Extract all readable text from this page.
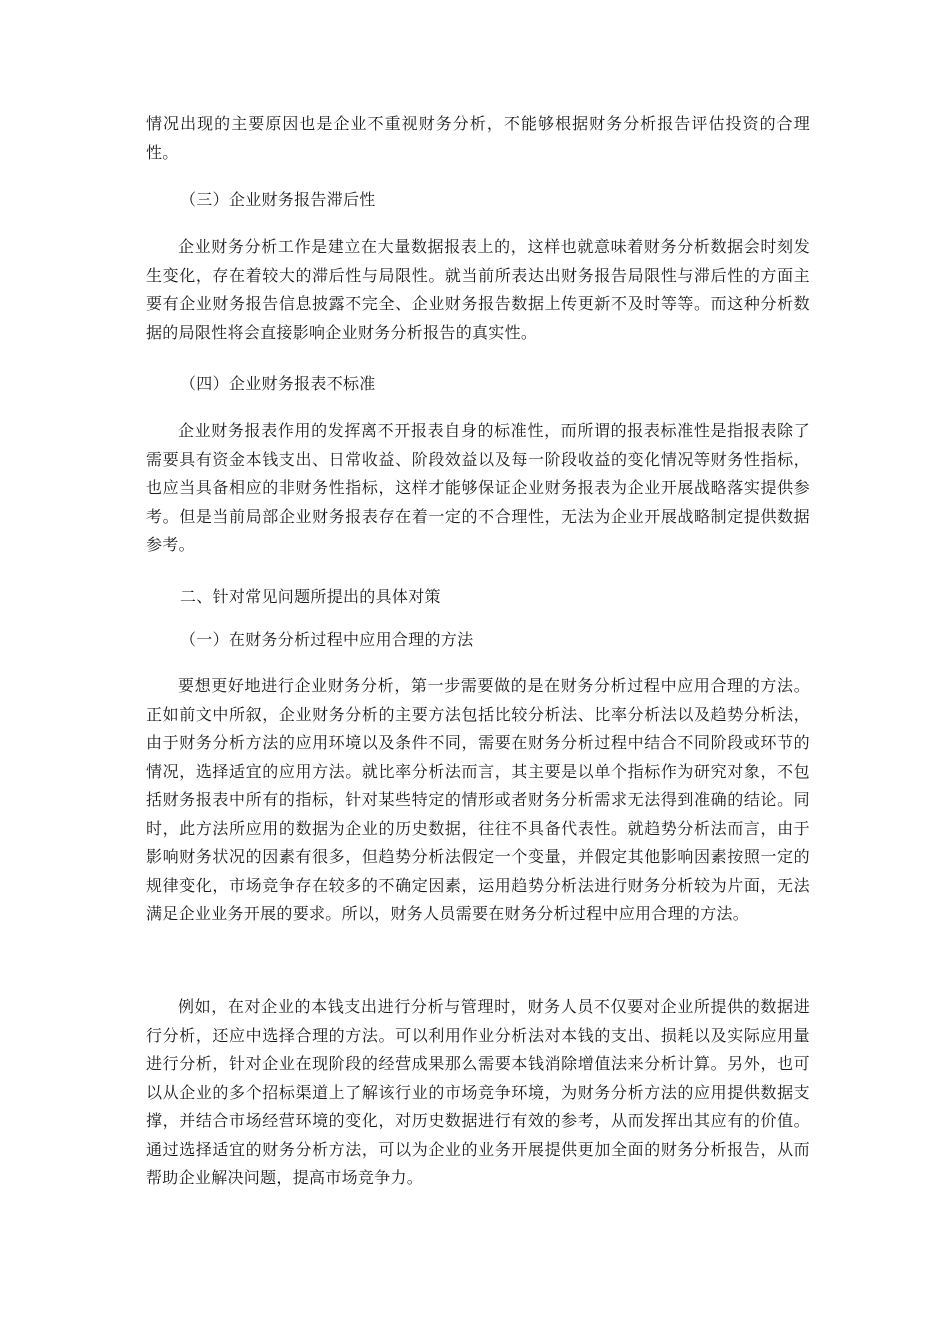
情况出现的主要原因也是企业不重视财务分析，不能够根据财务分析报告评估投资的合理性。

（三）企业财务报告滞后性

企业财务分析工作是建立在大量数据报表上的，这样也就意味着财务分析数据会时刻发生变化，存在着较大的滞后性与局限性。就当前所表达出财务报告局限性与滞后性的方面主要有企业财务报告信息披露不完全、企业财务报告数据上传更新不及时等等。而这种分析数据的局限性将会直接影响企业财务分析报告的真实性。

（四）企业财务报表不标准

企业财务报表作用的发挥离不开报表自身的标准性，而所谓的报表标准性是指报表除了需要具有资金本钱支出、日常收益、阶段效益以及每一阶段收益的变化情况等财务性指标，也应当具备相应的非财务性指标，这样才能够保证企业财务报表为企业开展战略落实提供参考。但是当前局部企业财务报表存在着一定的不合理性，无法为企业开展战略制定提供数据参考。

二、针对常见问题所提出的具体对策

（一）在财务分析过程中应用合理的方法

要想更好地进行企业财务分析，第一步需要做的是在财务分析过程中应用合理的方法。正如前文中所叙，企业财务分析的主要方法包括比较分析法、比率分析法以及趋势分析法，由于财务分析方法的应用环境以及条件不同，需要在财务分析过程中结合不同阶段或环节的情况，选择适宜的应用方法。就比率分析法而言，其主要是以单个指标作为研究对象，不包括财务报表中所有的指标，针对某些特定的情形或者财务分析需求无法得到准确的结论。同时，此方法所应用的数据为企业的历史数据，往往不具备代表性。就趋势分析法而言，由于影响财务状况的因素有很多，但趋势分析法假定一个变量，并假定其他影响因素按照一定的规律变化，市场竞争存在较多的不确定因素，运用趋势分析法进行财务分析较为片面，无法满足企业业务开展的要求。所以，财务人员需要在财务分析过程中应用合理的方法。

例如，在对企业的本钱支出进行分析与管理时，财务人员不仅要对企业所提供的数据进行分析，还应中选择合理的方法。可以利用作业分析法对本钱的支出、损耗以及实际应用量进行分析，针对企业在现阶段的经营成果那么需要本钱消除增值法来分析计算。另外，也可以从企业的多个招标渠道上了解该行业的市场竞争环境，为财务分析方法的应用提供数据支撑，并结合市场经营环境的变化，对历史数据进行有效的参考，从而发挥出其应有的价值。通过选择适宜的财务分析方法，可以为企业的业务开展提供更加全面的财务分析报告，从而帮助企业解决问题，提高市场竞争力。
